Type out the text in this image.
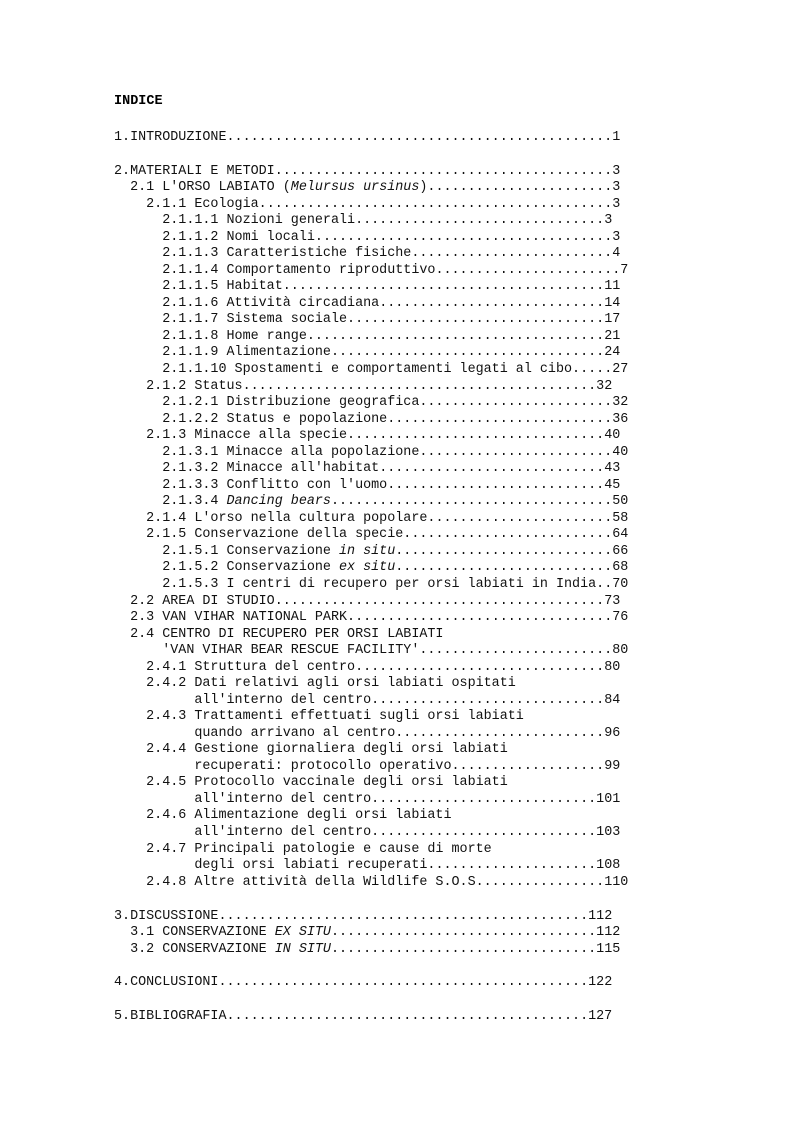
INDICE
1.INTRODUZIONE................................................1
2.MATERIALI E METODI..........................................3
2.1 L'ORSO LABIATO (Melursus ursinus).......................3
2.1.1 Ecologia............................................3
2.1.1.1 Nozioni generali...............................3
2.1.1.2 Nomi locali.....................................3
2.1.1.3 Caratteristiche fisiche.........................4
2.1.1.4 Comportamento riproduttivo.......................7
2.1.1.5 Habitat........................................11
2.1.1.6 Attività circadiana............................14
2.1.1.7 Sistema sociale................................17
2.1.1.8 Home range.....................................21
2.1.1.9 Alimentazione..................................24
2.1.1.10 Spostamenti e comportamenti legati al cibo.....27
2.1.2 Status............................................32
2.1.2.1 Distribuzione geografica........................32
2.1.2.2 Status e popolazione............................36
2.1.3 Minacce alla specie................................40
2.1.3.1 Minacce alla popolazione........................40
2.1.3.2 Minacce all'habitat............................43
2.1.3.3 Conflitto con l'uomo...........................45
2.1.3.4 Dancing bears...................................50
2.1.4 L'orso nella cultura popolare.......................58
2.1.5 Conservazione della specie..........................64
2.1.5.1 Conservazione in situ...........................66
2.1.5.2 Conservazione ex situ...........................68
2.1.5.3 I centri di recupero per orsi labiati in India..70
2.2 AREA DI STUDIO.........................................73
2.3 VAN VIHAR NATIONAL PARK.................................76
2.4 CENTRO DI RECUPERO PER ORSI LABIATI
'VAN VIHAR BEAR RESCUE FACILITY'........................80
2.4.1 Struttura del centro...............................80
2.4.2 Dati relativi agli orsi labiati ospitati
all'interno del centro.............................84
2.4.3 Trattamenti effettuati sugli orsi labiati
quando arrivano al centro..........................96
2.4.4 Gestione giornaliera degli orsi labiati
recuperati: protocollo operativo...................99
2.4.5 Protocollo vaccinale degli orsi labiati
all'interno del centro............................101
2.4.6 Alimentazione degli orsi labiati
all'interno del centro............................103
2.4.7 Principali patologie e cause di morte
degli orsi labiati recuperati.....................108
2.4.8 Altre attività della Wildlife S.O.S................110
3.DISCUSSIONE..............................................112
3.1 CONSERVAZIONE EX SITU.................................112
3.2 CONSERVAZIONE IN SITU.................................115
4.CONCLUSIONI..............................................122
5.BIBLIOGRAFIA.............................................127
